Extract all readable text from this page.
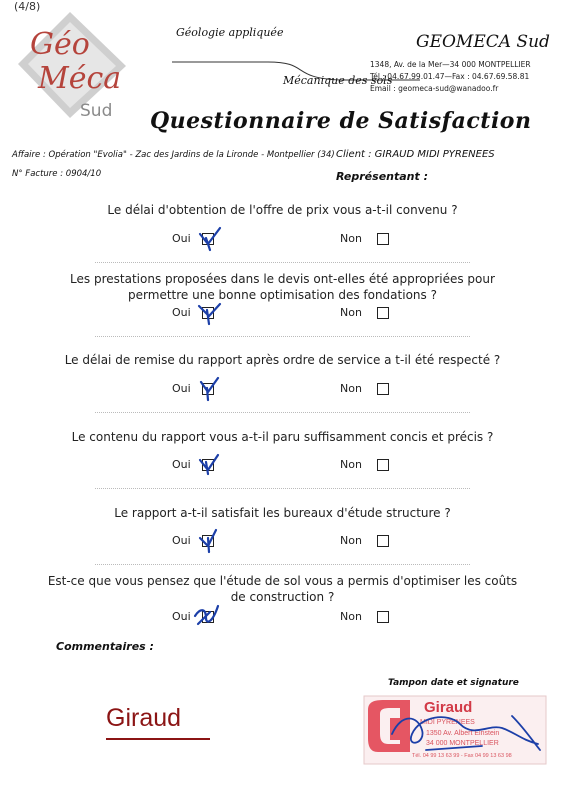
(4/8)
Géo
Méca
Sud
Géologie appliquée
Mécanique des sols
GEOMECA Sud
1348, Av. de la Mer—34 000 MONTPELLIER
Tél : 04.67.99.01.47—Fax : 04.67.69.58.81
Email : geomeca-sud@wanadoo.fr
Questionnaire de Satisfaction
Affaire : Opération "Evolia" - Zac des Jardins de la Lironde - Montpellier (34) Client : GIRAUD MIDI PYRENEES
N° Facture : 0904/10	Représentant :
Le délai d'obtention de l'offre de prix vous a-t-il convenu ?
Oui	Non
Les prestations proposées dans le devis ont-elles été appropriées pour permettre une bonne optimisation des fondations ?
Oui	Non
Le délai de remise du rapport après ordre de service a t-il été respecté ?
Oui	Non
Le contenu du rapport vous a-t-il paru suffisamment concis et précis ?
Oui	Non
Le rapport a-t-il satisfait les bureaux d'étude structure ?
Oui	Non
Est-ce que vous pensez que l'étude de sol vous a permis d'optimiser les coûts de construction ?
Oui	Non
Commentaires :
Tampon date et signature
Giraud	Giraud
MIDI PYRENEES
1350 Av. Albert Einstein
34 000 MONTPELLIER
Tél. 04 99 13 63 99 - Fax 04 99 13 63 98
